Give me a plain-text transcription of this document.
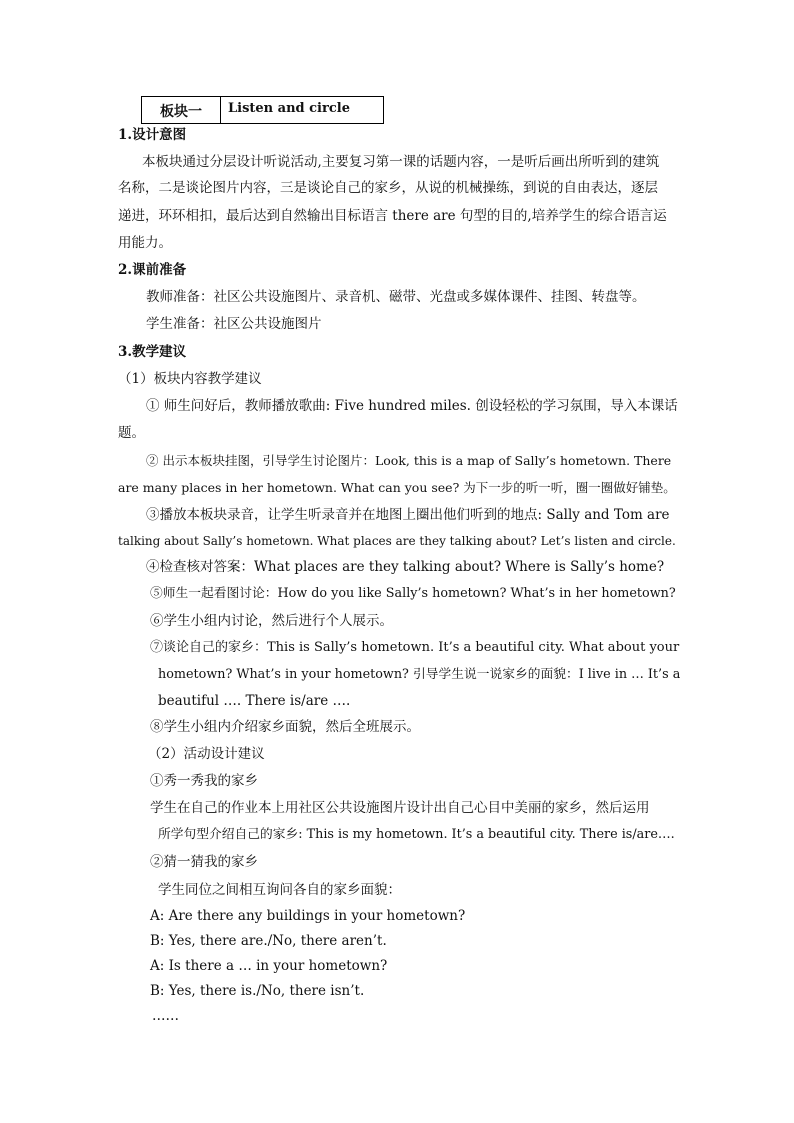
板块一	Listen and circle
1.设计意图
本板块通过分层设计听说活动,主要复习第一课的话题内容，一是听后画出所听到的建筑
名称，二是谈论图片内容，三是谈论自己的家乡，从说的机械操练，到说的自由表达，逐层
递进，环环相扣，最后达到自然输出目标语言 there are 句型的目的,培养学生的综合语言运
用能力。
2.课前准备
教师准备：社区公共设施图片、录音机、磁带、光盘或多媒体课件、挂图、转盘等。
学生准备：社区公共设施图片
3.教学建议
（1）板块内容教学建议
① 师生问好后，教师播放歌曲: Five hundred miles. 创设轻松的学习氛围，导入本课话
题。
② 出示本板块挂图，引导学生讨论图片：Look, this is a map of Sally’s hometown. There
are many places in her hometown. What can you see? 为下一步的听一听，圈一圈做好铺垫。
③播放本板块录音，让学生听录音并在地图上圈出他们听到的地点: Sally and Tom are
talking about Sally’s hometown. What places are they talking about? Let’s listen and circle.
④检查核对答案：What places are they talking about? Where is Sally’s home?
⑤师生一起看图讨论：How do you like Sally’s hometown? What’s in her hometown?
⑥学生小组内讨论，然后进行个人展示。
⑦谈论自己的家乡：This is Sally’s hometown. It’s a beautiful city. What about your
hometown? What’s in your hometown? 引导学生说一说家乡的面貌：I live in … It’s a
beautiful …. There is/are ….
⑧学生小组内介绍家乡面貌，然后全班展示。
（2）活动设计建议
①秀一秀我的家乡
学生在自己的作业本上用社区公共设施图片设计出自己心目中美丽的家乡，然后运用
所学句型介绍自己的家乡: This is my hometown. It’s a beautiful city. There is/are….
②猜一猜我的家乡
学生同位之间相互询问各自的家乡面貌：
A: Are there any buildings in your hometown?
B: Yes, there are./No, there aren’t.
A: Is there a … in your hometown?
B: Yes, there is./No, there isn’t.
……
